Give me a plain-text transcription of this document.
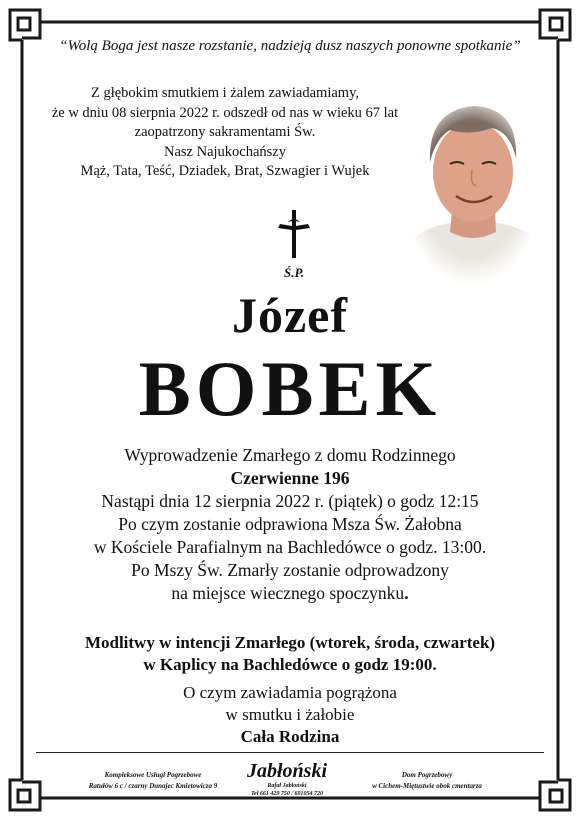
“Wolą Boga jest nasze rozstanie, nadzieją dusz naszych ponowne spotkanie”
Z głębokim smutkiem i żalem zawiadamiamy,
że w dniu 08 sierpnia 2022 r. odszedł od nas w wieku 67 lat
zaopatrzony sakramentami Św.
Nasz Najukochańszy
Mąż, Tata, Teść, Dziadek, Brat, Szwagier i Wujek
Ś.P.
Józef
BOBEK
Wyprowadzenie Zmarłego z domu Rodzinnego
Czerwienne 196
Nastąpi dnia 12 sierpnia 2022 r. (piątek) o godz 12:15
Po czym zostanie odprawiona Msza Św. Żałobna
w Kościele Parafialnym na Bachledówce o godz. 13:00.
Po Mszy Św. Zmarły zostanie odprowadzony
na miejsce wiecznego spoczynku.
Modlitwy w intencji Zmarłego (wtorek, środa, czwartek)
w Kaplicy na Bachledówce o godz 19:00.
O czym zawiadamia pogrążona
w smutku i żałobie
Cała Rodzina
Kompleksowe Usługi Pogrzebowe
Ratułów 6 c / czarny Dunajec Kmietowicza 9
Jabłoński
Rafał Jabłoński
Tel 661 429 750 / 601054 720
Dom Pogrzebowy
w Cichem-Miętustwie obok cmentarza
